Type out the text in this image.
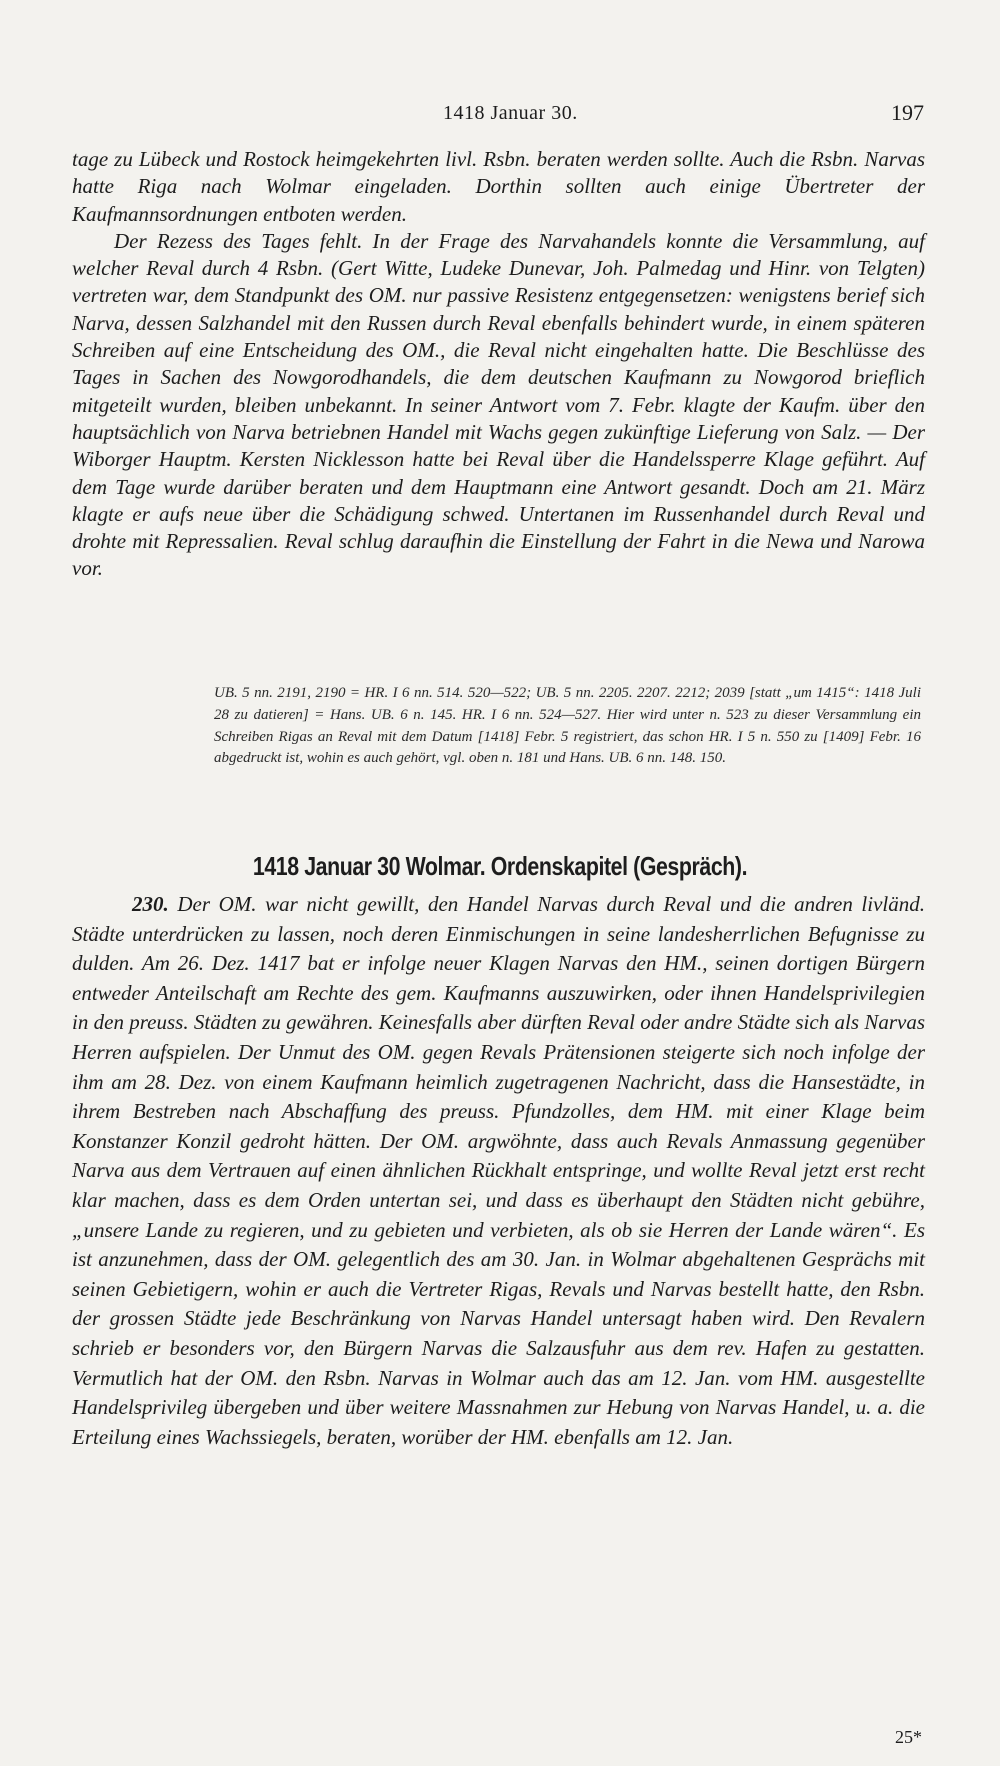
1418 Januar 30.	197

tage zu Lübeck und Rostock heimgekehrten livl. Rsbn. beraten werden sollte. Auch die Rsbn. Narvas hatte Riga nach Wolmar eingeladen. Dorthin sollten auch einige Übertreter der Kaufmannsordnungen entboten werden.

Der Rezess des Tages fehlt. In der Frage des Narvahandels konnte die Versammlung, auf welcher Reval durch 4 Rsbn. (Gert Witte, Ludeke Dunevar, Joh. Palmedag und Hinr. von Telgten) vertreten war, dem Standpunkt des OM. nur passive Resistenz entgegensetzen: wenigstens berief sich Narva, dessen Salzhandel mit den Russen durch Reval ebenfalls behindert wurde, in einem späteren Schreiben auf eine Entscheidung des OM., die Reval nicht eingehalten hatte. Die Beschlüsse des Tages in Sachen des Nowgorodhandels, die dem deutschen Kaufmann zu Nowgorod brieflich mitgeteilt wurden, bleiben unbekannt. In seiner Antwort vom 7. Febr. klagte der Kaufm. über den hauptsächlich von Narva betriebnen Handel mit Wachs gegen zukünftige Lieferung von Salz. — Der Wiborger Hauptm. Kersten Nicklesson hatte bei Reval über die Handelssperre Klage geführt. Auf dem Tage wurde darüber beraten und dem Hauptmann eine Antwort gesandt. Doch am 21. März klagte er aufs neue über die Schädigung schwed. Untertanen im Russenhandel durch Reval und drohte mit Repressalien. Reval schlug daraufhin die Einstellung der Fahrt in die Newa und Narowa vor.

UB. 5 nn. 2191, 2190 = HR. I 6 nn. 514. 520—522; UB. 5 nn. 2205. 2207. 2212; 2039 [statt „um 1415“: 1418 Juli 28 zu datieren] = Hans. UB. 6 n. 145. HR. I 6 nn. 524—527. Hier wird unter n. 523 zu dieser Versammlung ein Schreiben Rigas an Reval mit dem Datum [1418] Febr. 5 registriert, das schon HR. I 5 n. 550 zu [1409] Febr. 16 abgedruckt ist, wohin es auch gehört, vgl. oben n. 181 und Hans. UB. 6 nn. 148. 150.

1418 Januar 30 Wolmar. Ordenskapitel (Gespräch).

230. Der OM. war nicht gewillt, den Handel Narvas durch Reval und die andren livländ. Städte unterdrücken zu lassen, noch deren Einmischungen in seine landesherrlichen Befugnisse zu dulden. Am 26. Dez. 1417 bat er infolge neuer Klagen Narvas den HM., seinen dortigen Bürgern entweder Anteilschaft am Rechte des gem. Kaufmanns auszuwirken, oder ihnen Handelsprivilegien in den preuss. Städten zu gewähren. Keinesfalls aber dürften Reval oder andre Städte sich als Narvas Herren aufspielen. Der Unmut des OM. gegen Revals Prätensionen steigerte sich noch infolge der ihm am 28. Dez. von einem Kaufmann heimlich zugetragenen Nachricht, dass die Hansestädte, in ihrem Bestreben nach Abschaffung des preuss. Pfundzolles, dem HM. mit einer Klage beim Konstanzer Konzil gedroht hätten. Der OM. argwöhnte, dass auch Revals Anmassung gegenüber Narva aus dem Vertrauen auf einen ähnlichen Rückhalt entspringe, und wollte Reval jetzt erst recht klar machen, dass es dem Orden untertan sei, und dass es überhaupt den Städten nicht gebühre, „unsere Lande zu regieren, und zu gebieten und verbieten, als ob sie Herren der Lande wären“. Es ist anzunehmen, dass der OM. gelegentlich des am 30. Jan. in Wolmar abgehaltenen Gesprächs mit seinen Gebietigern, wohin er auch die Vertreter Rigas, Revals und Narvas bestellt hatte, den Rsbn. der grossen Städte jede Beschränkung von Narvas Handel untersagt haben wird. Den Revalern schrieb er besonders vor, den Bürgern Narvas die Salzausfuhr aus dem rev. Hafen zu gestatten. Vermutlich hat der OM. den Rsbn. Narvas in Wolmar auch das am 12. Jan. vom HM. ausgestellte Handelsprivileg übergeben und über weitere Massnahmen zur Hebung von Narvas Handel, u. a. die Erteilung eines Wachssiegels, beraten, worüber der HM. ebenfalls am 12. Jan.

25*
